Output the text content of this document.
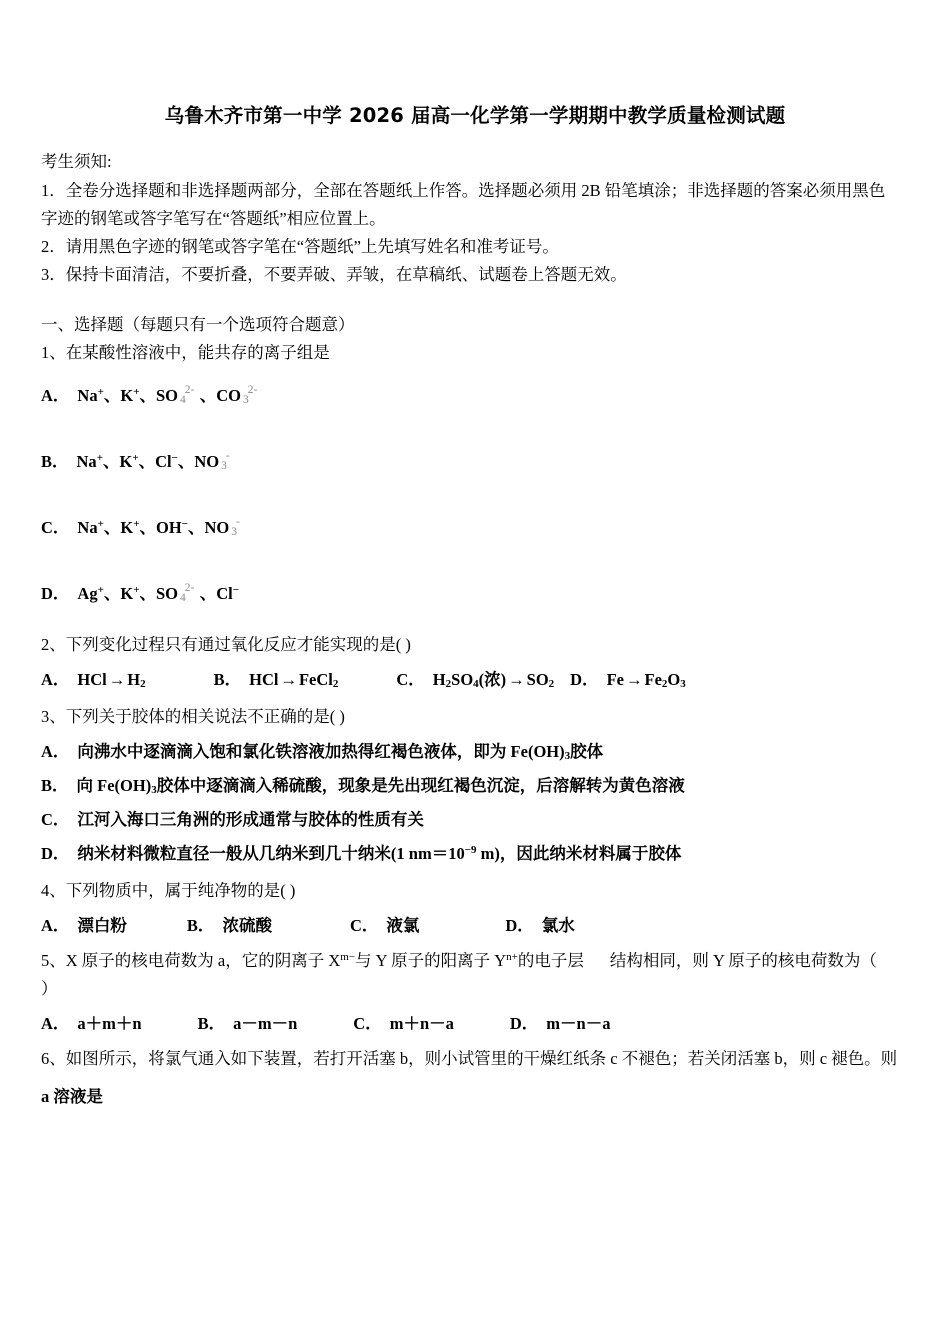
乌鲁木齐市第一中学 2026 届高一化学第一学期期中教学质量检测试题

考生须知:

1．全卷分选择题和非选择题两部分，全部在答题纸上作答。选择题必须用 2B 铅笔填涂；非选择题的答案必须用黑色

字迹的钢笔或答字笔写在“答题纸”相应位置上。

2．请用黑色字迹的钢笔或答字笔在“答题纸”上先填写姓名和准考证号。

3．保持卡面清洁，不要折叠，不要弄破、弄皱，在草稿纸、试题卷上答题无效。

一、选择题（每题只有一个选项符合题意）

1、在某酸性溶液中，能共存的离子组是

A． Na+、K+、SO 4
2- 、CO 3
2-

B． Na+、K+、Cl−、NO 3
-

C． Na+、K+、OH−、NO 3
-

D． Ag+、K+、SO 4
2- 、Cl−

2、下列变化过程只有通过氧化反应才能实现的是( )

A． HCl → $H_2$	B． HCl → FeCl$_2$	C． $H_2SO_4$(浓) → $SO_2$ D． $Fe \to Fe_2O_3$

3、下列关于胶体的相关说法不正确的是( )

A． 向沸水中逐滴滴入饱和氯化铁溶液加热得红褐色液体，即为 $Fe(OH)_3$胶体

B． 向 $Fe(OH)_3$胶体中逐滴滴入稀硫酸，现象是先出现红褐色沉淀，后溶解转为黄色溶液

C． 江河入海口三角洲的形成通常与胶体的性质有关

D． 纳米材料微粒直径一般从几纳米到几十纳米(1 $nm=10^{-9}$ m)，因此纳米材料属于胶体

4、下列物质中，属于纯净物的是( )

A． 漂白粉	B． 浓硫酸	C． 液氯	D． 氯水

5、X 原子的核电荷数为 a，它的阴离子 $X^{m-}$与 Y 原子的阳离子 $Y^{n+}$的电子层 结构相同，则 Y 原子的核电荷数为（

）

A． a＋m＋n	B． a－m－n	C． m＋n－a	D． m－n－a

6、如图所示，将氯气通入如下装置，若打开活塞 b，则小试管里的干燥红纸条 c 不褪色；若关闭活塞 b，则 c 褪色。则

a 溶液是
